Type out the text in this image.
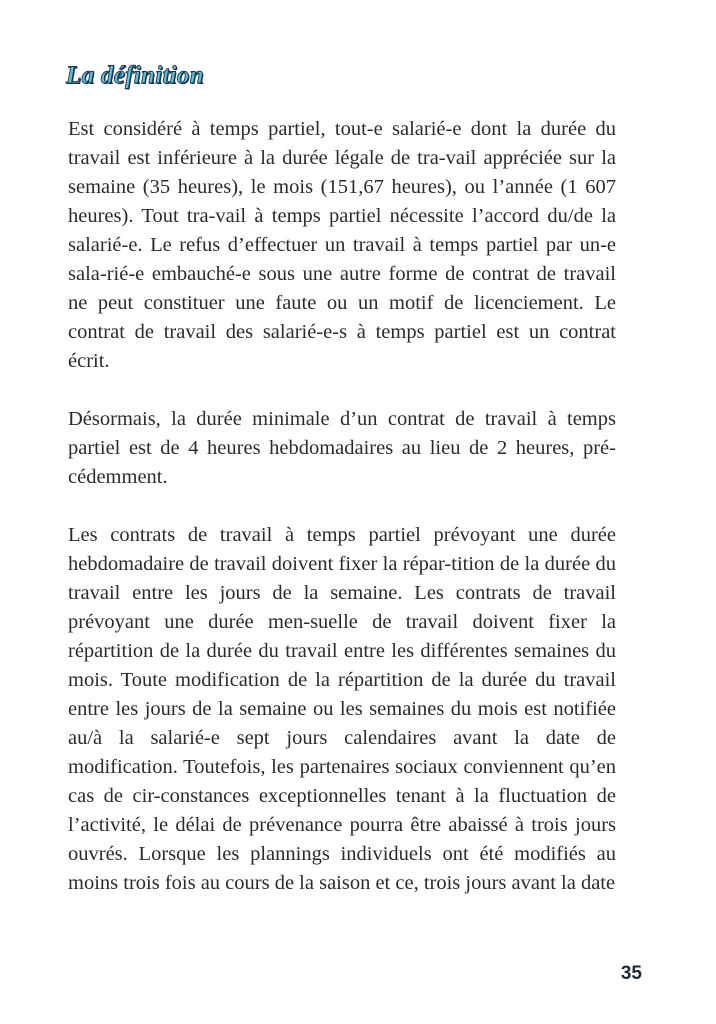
La définition

Est considéré à temps partiel, tout-e salarié-e dont la durée du travail est inférieure à la durée légale de tra-vail appréciée sur la semaine (35 heures), le mois (151,67 heures), ou l’année (1 607 heures). Tout tra-vail à temps partiel nécessite l’accord du/de la salarié-e. Le refus d’effectuer un travail à temps partiel par un-e sala-rié-e embauché-e sous une autre forme de contrat de travail ne peut constituer une faute ou un motif de licenciement. Le contrat de travail des salarié-e-s à temps partiel est un contrat écrit.

Désormais, la durée minimale d’un contrat de travail à temps partiel est de 4 heures hebdomadaires au lieu de 2 heures, pré-cédemment.

Les contrats de travail à temps partiel prévoyant une durée hebdomadaire de travail doivent fixer la répar-tition de la durée du travail entre les jours de la semaine. Les contrats de travail prévoyant une durée men-suelle de travail doivent fixer la répartition de la durée du travail entre les différentes semaines du mois. Toute modification de la répartition de la durée du travail entre les jours de la semaine ou les semaines du mois est notifiée au/à la salarié-e sept jours calendaires avant la date de modification. Toutefois, les partenaires sociaux conviennent qu’en cas de cir-constances exceptionnelles tenant à la fluctuation de l’activité, le délai de prévenance pourra être abaissé à trois jours ouvrés. Lorsque les plannings individuels ont été modifiés au moins trois fois au cours de la saison et ce, trois jours avant la date

35
